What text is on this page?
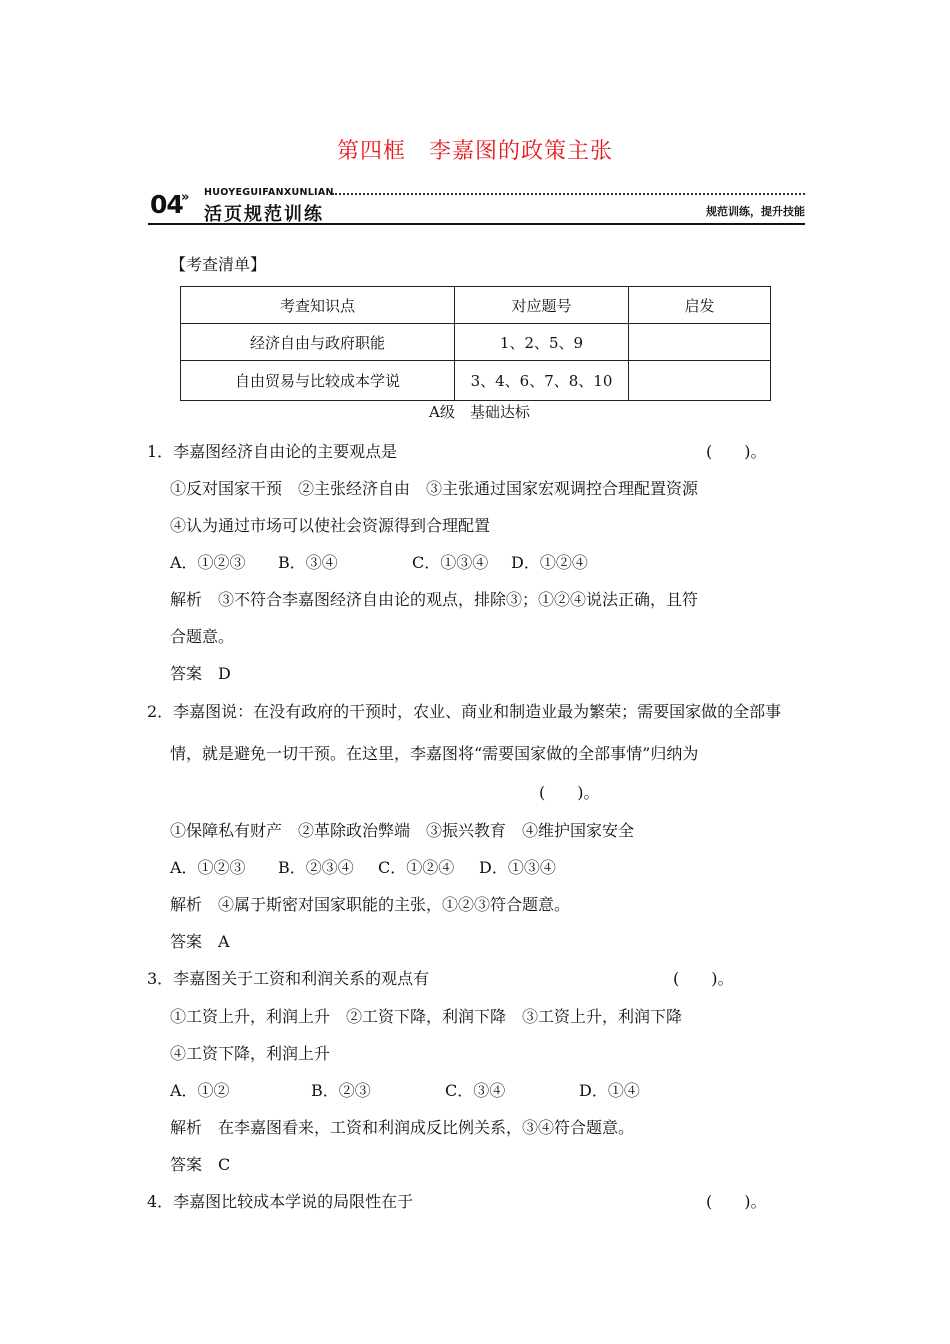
第四框　李嘉图的政策主张
04
» HUOYEGUIFANXUNLIAN
活页规范训练	规范训练，提升技能
【考查清单】
考查知识点	对应题号	启发
经济自由与政府职能	1、2、5、9	
自由贸易与比较成本学说	3、4、6、7、8、10	
A级　基础达标
1．李嘉图经济自由论的主要观点是	(　　)。
①反对国家干预　②主张经济自由　③主张通过国家宏观调控合理配置资源
④认为通过市场可以使社会资源得到合理配置
A．①②③ B．③④	C．①③④ D．①②④
解析　③不符合李嘉图经济自由论的观点，排除③；①②④说法正确，且符
合题意。
答案　D
2．李嘉图说：在没有政府的干预时，农业、商业和制造业最为繁荣；需要国家做的全部事
情，就是避免一切干预。在这里，李嘉图将“需要国家做的全部事情”归纳为
(　　)。
①保障私有财产　②革除政治弊端　③振兴教育　④维护国家安全
A．①②③ B．②③④ C．①②④ D．①③④
解析　④属于斯密对国家职能的主张，①②③符合题意。
答案　A
3．李嘉图关于工资和利润关系的观点有	(　　)。
①工资上升，利润上升　②工资下降，利润下降　③工资上升，利润下降
④工资下降，利润上升
A．①②	B．②③	C．③④	D．①④
解析　在李嘉图看来，工资和利润成反比例关系，③④符合题意。
答案　C
4．李嘉图比较成本学说的局限性在于	(　　)。
